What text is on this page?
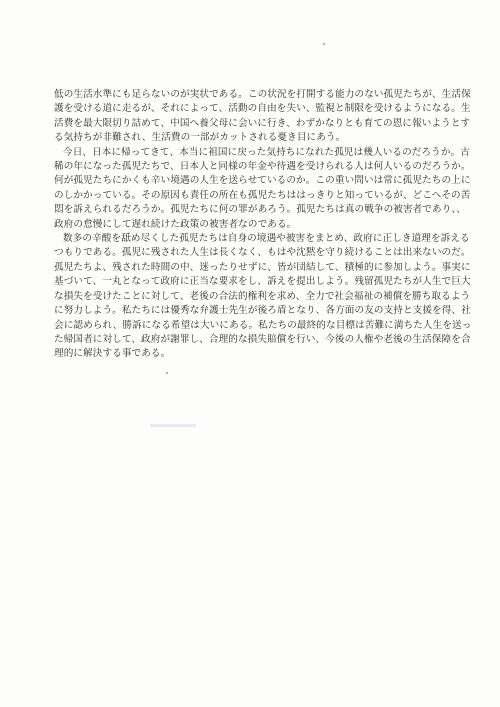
低の生活水準にも足らないのが実状である。この状況を打開する能力のない孤児たちが、生活保護を受ける道に走るが、それによって、活動の自由を失い、監視と制限を受けるようになる。生活費を最大限切り詰めて、中国へ養父母に会いに行き、わずかなりとも育ての恩に報いようとする気持ちが非難され、生活費の一部がカットされる憂き目にあう。

今日、日本に帰ってきて、本当に祖国に戻った気持ちになれた孤児は幾人いるのだろうか。古稀の年になった孤児たちで、日本人と同様の年金や待遇を受けられる人は何人いるのだろうか。何が孤児たちにかくも辛い境遇の人生を送らせているのか。この重い問いは常に孤児たちの上にのしかかっている。その原因も責任の所在も孤児たちははっきりと知っているが、どこへその苦悶を訴えられるだろうか。孤児たちに何の罪があろう。孤児たちは真の戦争の被害者であり、、政府の怠慢にして遅れ続けた政策の被害者なのである。

数多の辛酸を舐め尽くした孤児たちは自身の境遇や被害をまとめ、政府に正しき道理を訴えるつもりである。孤児に残された人生は長くなく、もはや沈黙を守り続けることは出来ないのだ。孤児たちよ、残された時間の中、迷ったりせずに、皆が団結して、積極的に参加しよう。事実に基づいて、一丸となって政府に正当な要求をし、訴えを提出しよう。残留孤児たちが人生で巨大な損失を受けたことに対して、老後の合法的権利を求め、全力で社会福祉の補償を勝ち取るように努力しよう。私たちには優秀な弁護士先生が後ろ盾となり、各方面の友の支持と支援を得、社会に認められ、勝訴になる希望は大いにある。私たちの最終的な目標は苦難に満ちた人生を送った帰国者に対して、政府が謝罪し、合理的な損失賠償を行い、今後の人権や老後の生活保障を合理的に解決する事である。
